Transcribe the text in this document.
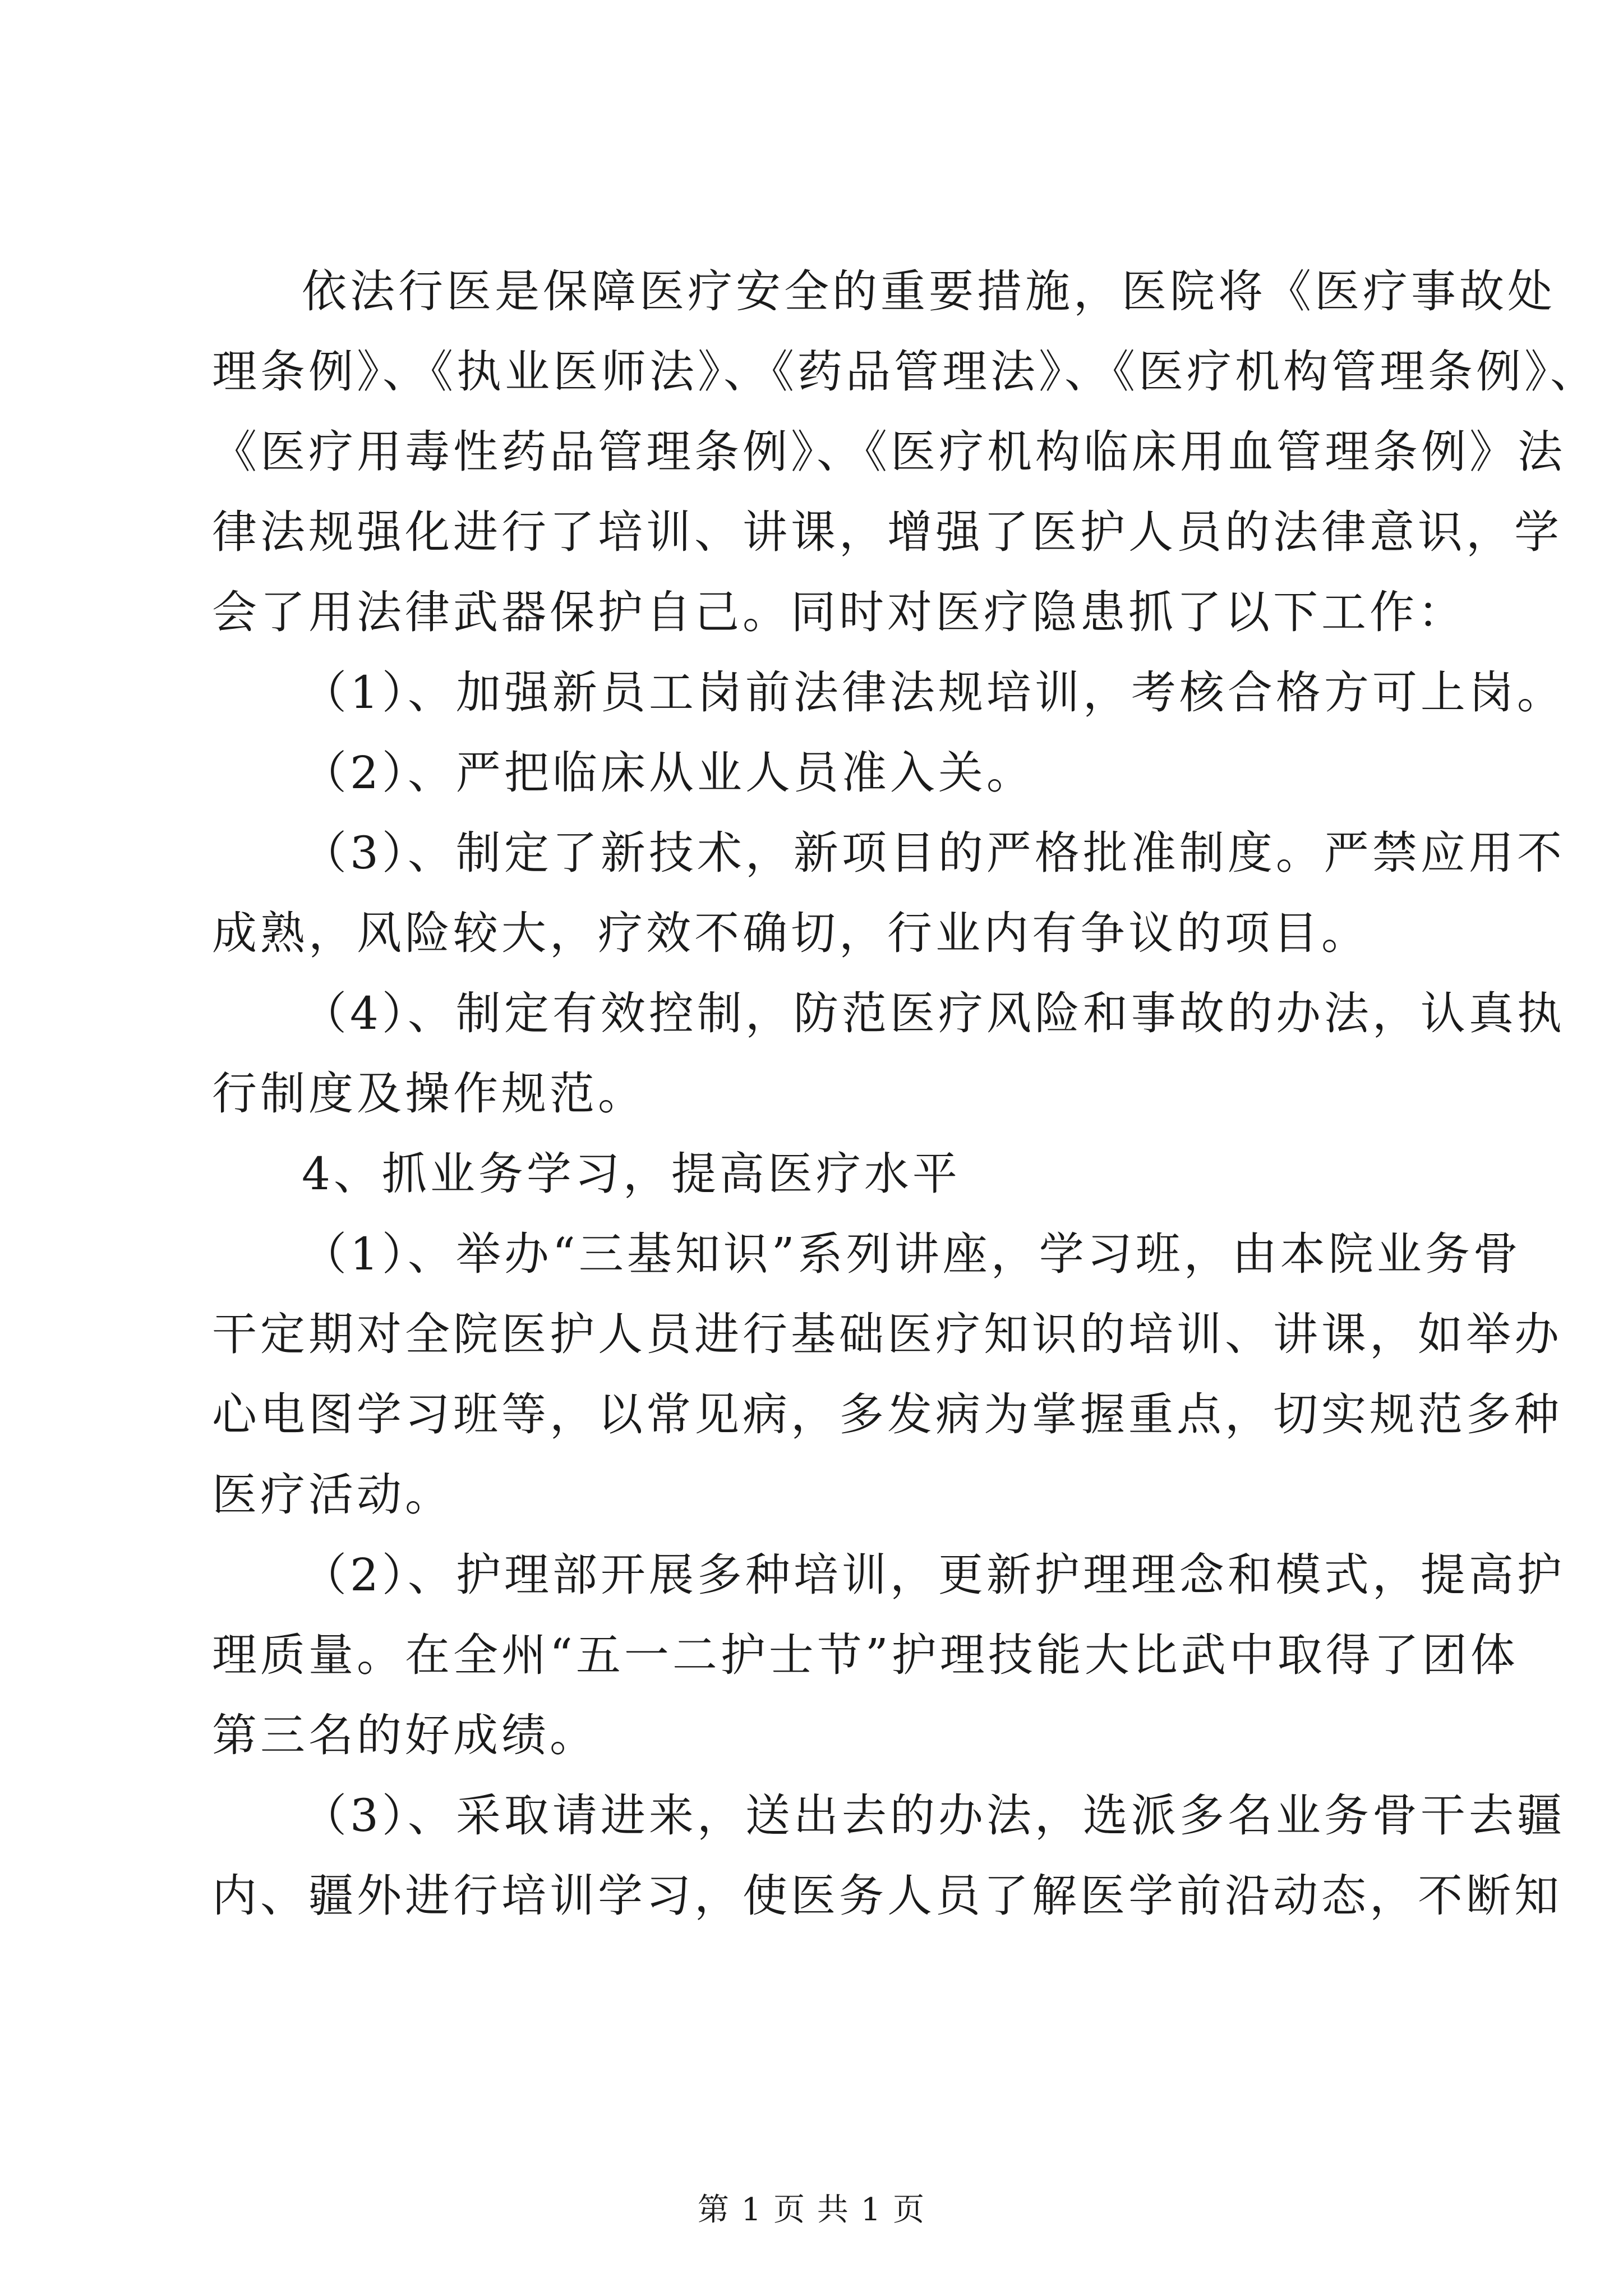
依法行医是保障医疗安全的重要措施，医院将《医疗事故处
理条例》、《执业医师法》、《药品管理法》、《医疗机构管理条例》、
《医疗用毒性药品管理条例》、《医疗机构临床用血管理条例》法
律法规强化进行了培训、讲课，增强了医护人员的法律意识，学
会了用法律武器保护自己。同时对医疗隐患抓了以下工作：
（1）、加强新员工岗前法律法规培训，考核合格方可上岗。
（2）、严把临床从业人员准入关。
（3）、制定了新技术，新项目的严格批准制度。严禁应用不
成熟，风险较大，疗效不确切，行业内有争议的项目。
（4）、制定有效控制，防范医疗风险和事故的办法，认真执
行制度及操作规范。
4、抓业务学习，提高医疗水平
（1）、举办“三基知识”系列讲座，学习班，由本院业务骨
干定期对全院医护人员进行基础医疗知识的培训、讲课，如举办
心电图学习班等，以常见病，多发病为掌握重点，切实规范多种
医疗活动。
（2）、护理部开展多种培训，更新护理理念和模式，提高护
理质量。在全州“五一二护士节”护理技能大比武中取得了团体
第三名的好成绩。
（3）、采取请进来，送出去的办法，选派多名业务骨干去疆
内、疆外进行培训学习，使医务人员了解医学前沿动态，不断知
第 1 页 共 1 页
